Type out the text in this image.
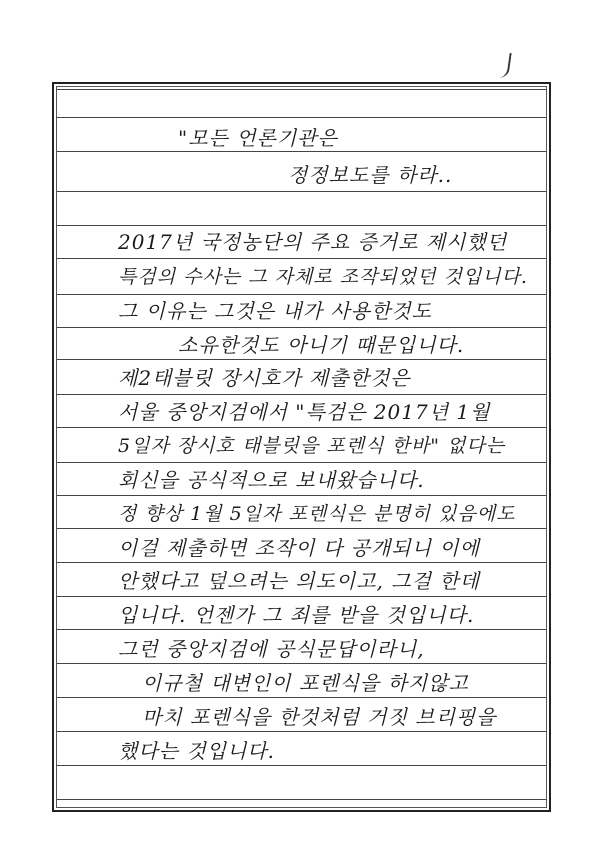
"모든 언론기관은
정정보도를 하라..
2017년 국정농단의 주요 증거로 제시했던
특검의 수사는 그 자체로 조작되었던 것입니다.
그 이유는 그것은 내가 사용한것도
소유한것도 아니기 때문입니다.
제2태블릿 장시호가 제출한것은
서울 중앙지검에서 "특검은 2017년 1월
5일자 장시호 태블릿을 포렌식 한바" 없다는
회신을 공식적으로 보내왔습니다.
정 향상 1월 5일자 포렌식은 분명히 있음에도
이걸 제출하면 조작이 다 공개되니 이에
안했다고 덮으려는 의도이고, 그걸 한데
입니다. 언젠가 그 죄를 받을 것입니다.
그런 중앙지검에 공식문답이라니,
이규철 대변인이 포렌식을 하지않고
마치 포렌식을 한것처럼 거짓 브리핑을
했다는 것입니다.
